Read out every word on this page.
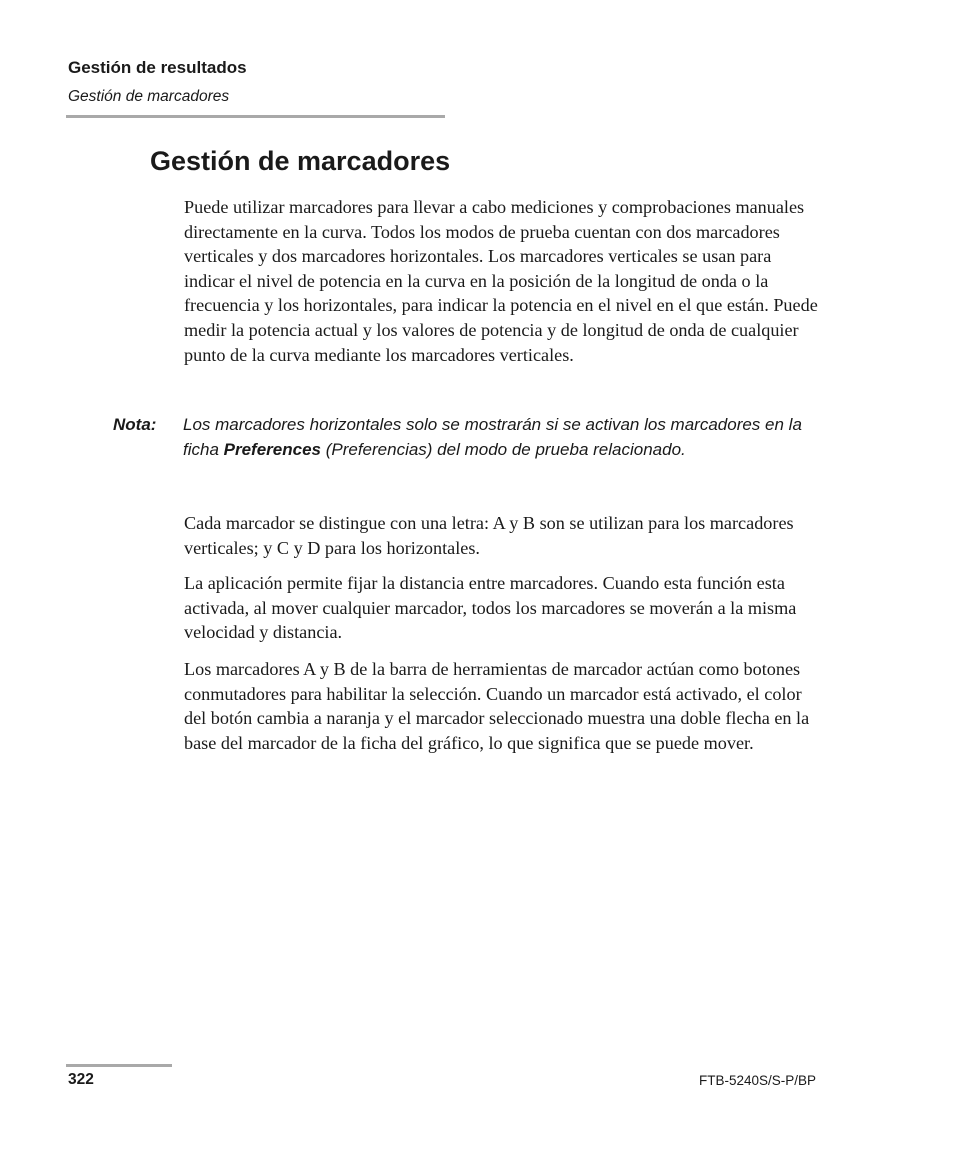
Gestión de resultados
Gestión de marcadores
Gestión de marcadores

Puede utilizar marcadores para llevar a cabo mediciones y comprobaciones manuales directamente en la curva. Todos los modos de prueba cuentan con dos marcadores verticales y dos marcadores horizontales. Los marcadores verticales se usan para indicar el nivel de potencia en la curva en la posición de la longitud de onda o la frecuencia y los horizontales, para indicar la potencia en el nivel en el que están. Puede medir la potencia actual y los valores de potencia y de longitud de onda de cualquier punto de la curva mediante los marcadores verticales.

Nota: Los marcadores horizontales solo se mostrarán si se activan los marcadores en la ficha Preferences (Preferencias) del modo de prueba relacionado.

Cada marcador se distingue con una letra: A y B son se utilizan para los marcadores verticales; y C y D para los horizontales.

La aplicación permite fijar la distancia entre marcadores. Cuando esta función esta activada, al mover cualquier marcador, todos los marcadores se moverán a la misma velocidad y distancia.

Los marcadores A y B de la barra de herramientas de marcador actúan como botones conmutadores para habilitar la selección. Cuando un marcador está activado, el color del botón cambia a naranja y el marcador seleccionado muestra una doble flecha en la base del marcador de la ficha del gráfico, lo que significa que se puede mover.

322	FTB-5240S/S-P/BP
